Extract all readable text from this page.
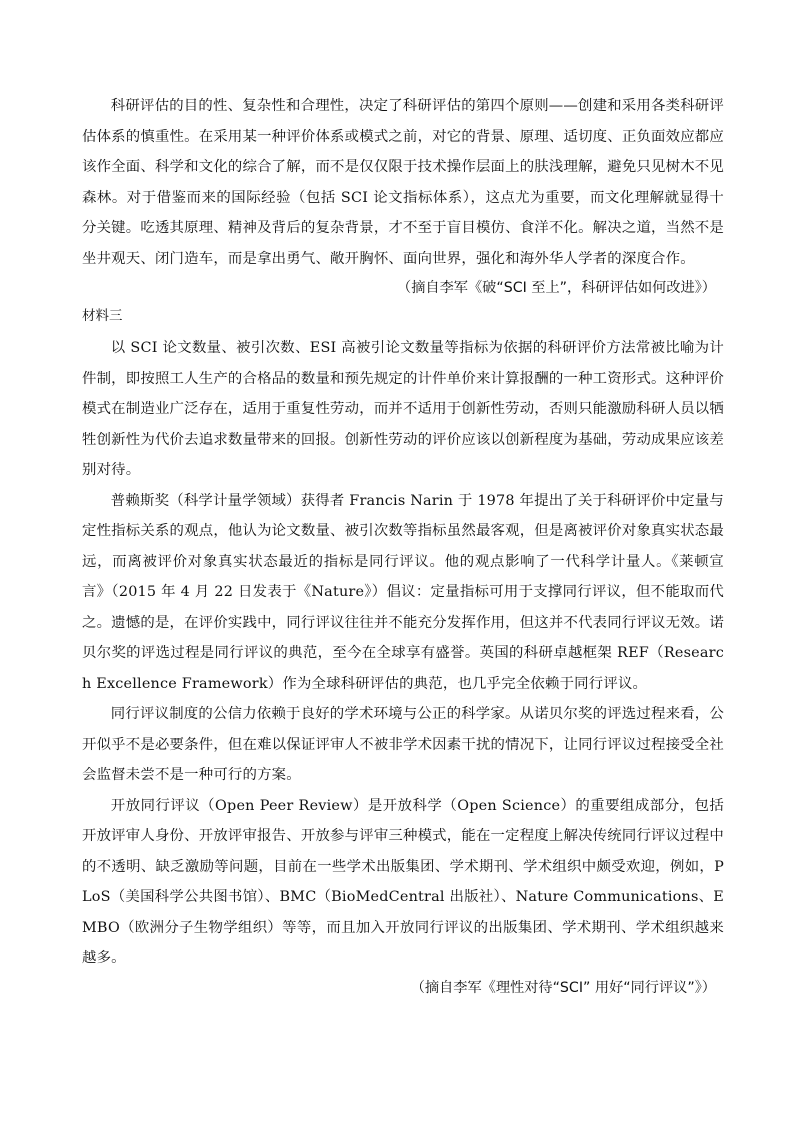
科研评估的目的性、复杂性和合理性，决定了科研评估的第四个原则——创建和采用各类科研评估体系的慎重性。在采用某一种评价体系或模式之前，对它的背景、原理、适切度、正负面效应都应该作全面、科学和文化的综合了解，而不是仅仅限于技术操作层面上的肤浅理解，避免只见树木不见森林。对于借鉴而来的国际经验（包括 SCI 论文指标体系），这点尤为重要，而文化理解就显得十分关键。吃透其原理、精神及背后的复杂背景，才不至于盲目模仿、食洋不化。解决之道，当然不是坐井观天、闭门造车，而是拿出勇气、敞开胸怀、面向世界，强化和海外华人学者的深度合作。

（摘自李军《破“SCI 至上”，科研评估如何改进》）

材料三

以 SCI 论文数量、被引次数、ESI 高被引论文数量等指标为依据的科研评价方法常被比喻为计件制，即按照工人生产的合格品的数量和预先规定的计件单价来计算报酬的一种工资形式。这种评价模式在制造业广泛存在，适用于重复性劳动，而并不适用于创新性劳动，否则只能激励科研人员以牺牲创新性为代价去追求数量带来的回报。创新性劳动的评价应该以创新程度为基础，劳动成果应该差别对待。

普赖斯奖（科学计量学领域）获得者 Francis Narin 于 1978 年提出了关于科研评价中定量与定性指标关系的观点，他认为论文数量、被引次数等指标虽然最客观，但是离被评价对象真实状态最远，而离被评价对象真实状态最近的指标是同行评议。他的观点影响了一代科学计量人。《莱顿宣言》（2015 年 4 月 22 日发表于《Nature》）倡议：定量指标可用于支撑同行评议，但不能取而代之。遗憾的是，在评价实践中，同行评议往往并不能充分发挥作用，但这并不代表同行评议无效。诺贝尔奖的评选过程是同行评议的典范，至今在全球享有盛誉。英国的科研卓越框架 REF（Research Excellence Framework）作为全球科研评估的典范，也几乎完全依赖于同行评议。

同行评议制度的公信力依赖于良好的学术环境与公正的科学家。从诺贝尔奖的评选过程来看，公开似乎不是必要条件，但在难以保证评审人不被非学术因素干扰的情况下，让同行评议过程接受全社会监督未尝不是一种可行的方案。

开放同行评议（Open Peer Review）是开放科学（Open Science）的重要组成部分，包括开放评审人身份、开放评审报告、开放参与评审三种模式，能在一定程度上解决传统同行评议过程中的不透明、缺乏激励等问题，目前在一些学术出版集团、学术期刊、学术组织中颇受欢迎，例如，PLoS（美国科学公共图书馆）、BMC（BioMedCentral 出版社）、Nature Communications、EMBO（欧洲分子生物学组织）等等，而且加入开放同行评议的出版集团、学术期刊、学术组织越来越多。

（摘自李军《理性对待“SCI” 用好“同行评议”》）
